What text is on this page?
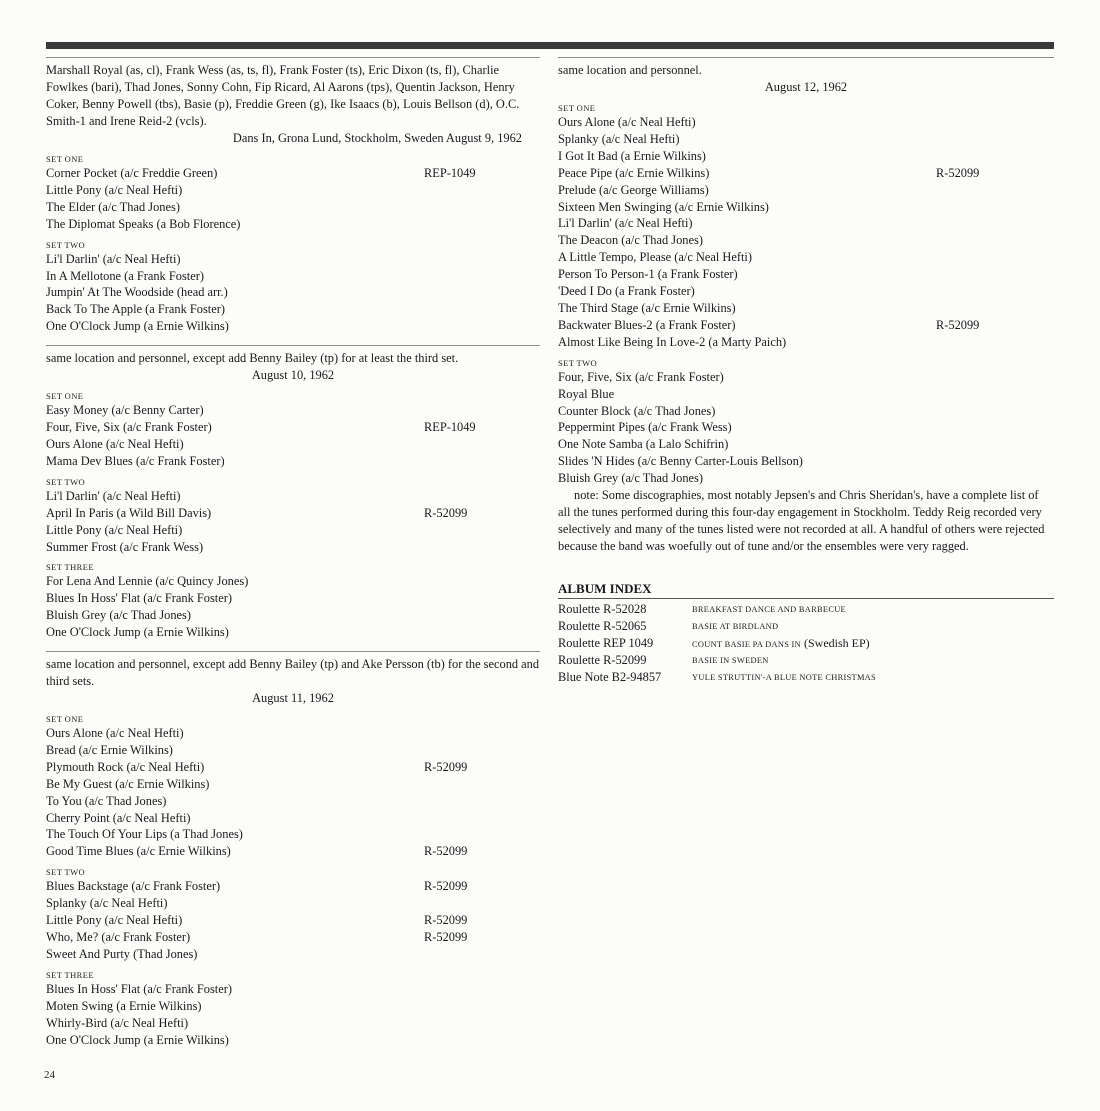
Marshall Royal (as, cl), Frank Wess (as, ts, fl), Frank Foster (ts), Eric Dixon (ts, fl), Charlie Fowlkes (bari), Thad Jones, Sonny Cohn, Fip Ricard, Al Aarons (tps), Quentin Jackson, Henry Coker, Benny Powell (tbs), Basie (p), Freddie Green (g), Ike Isaacs (b), Louis Bellson (d), O.C. Smith-1 and Irene Reid-2 (vcls).

Dans In, Grona Lund, Stockholm, Sweden August 9, 1962

SET ONE
Corner Pocket (a/c Freddie Green)	REP-1049
Little Pony (a/c Neal Hefti)
The Elder (a/c Thad Jones)
The Diplomat Speaks (a Bob Florence)
SET TWO
Li'l Darlin' (a/c Neal Hefti)
In A Mellotone (a Frank Foster)
Jumpin' At The Woodside (head arr.)
Back To The Apple (a Frank Foster)
One O'Clock Jump (a Ernie Wilkins)

same location and personnel, except add Benny Bailey (tp) for at least the third set.

August 10, 1962

SET ONE
Easy Money (a/c Benny Carter)
Four, Five, Six (a/c Frank Foster)	REP-1049
Ours Alone (a/c Neal Hefti)
Mama Dev Blues (a/c Frank Foster)
SET TWO
Li'l Darlin' (a/c Neal Hefti)
April In Paris (a Wild Bill Davis)	R-52099
Little Pony (a/c Neal Hefti)
Summer Frost (a/c Frank Wess)
SET THREE
For Lena And Lennie (a/c Quincy Jones)
Blues In Hoss' Flat (a/c Frank Foster)
Bluish Grey (a/c Thad Jones)
One O'Clock Jump (a Ernie Wilkins)

same location and personnel, except add Benny Bailey (tp) and Ake Persson (tb) for the second and third sets.

August 11, 1962

SET ONE
Ours Alone (a/c Neal Hefti)
Bread (a/c Ernie Wilkins)
Plymouth Rock (a/c Neal Hefti)	R-52099
Be My Guest (a/c Ernie Wilkins)
To You (a/c Thad Jones)
Cherry Point (a/c Neal Hefti)
The Touch Of Your Lips (a Thad Jones)
Good Time Blues (a/c Ernie Wilkins)	R-52099
SET TWO
Blues Backstage (a/c Frank Foster)	R-52099
Splanky (a/c Neal Hefti)
Little Pony (a/c Neal Hefti)	R-52099
Who, Me? (a/c Frank Foster)	R-52099
Sweet And Purty (Thad Jones)
SET THREE
Blues In Hoss' Flat (a/c Frank Foster)
Moten Swing (a Ernie Wilkins)
Whirly-Bird (a/c Neal Hefti)
One O'Clock Jump (a Ernie Wilkins)

same location and personnel.

August 12, 1962

SET ONE
Ours Alone (a/c Neal Hefti)
Splanky (a/c Neal Hefti)
I Got It Bad (a Ernie Wilkins)
Peace Pipe (a/c Ernie Wilkins)	R-52099
Prelude (a/c George Williams)
Sixteen Men Swinging (a/c Ernie Wilkins)
Li'l Darlin' (a/c Neal Hefti)
The Deacon (a/c Thad Jones)
A Little Tempo, Please (a/c Neal Hefti)
Person To Person-1 (a Frank Foster)
'Deed I Do (a Frank Foster)
The Third Stage (a/c Ernie Wilkins)
Backwater Blues-2 (a Frank Foster)	R-52099
Almost Like Being In Love-2 (a Marty Paich)
SET TWO
Four, Five, Six (a/c Frank Foster)
Royal Blue
Counter Block (a/c Thad Jones)
Peppermint Pipes (a/c Frank Wess)
One Note Samba (a Lalo Schifrin)
Slides 'N Hides (a/c Benny Carter-Louis Bellson)
Bluish Grey (a/c Thad Jones)

note: Some discographies, most notably Jepsen's and Chris Sheridan's, have a complete list of all the tunes performed during this four-day engagement in Stockholm. Teddy Reig recorded very selectively and many of the tunes listed were not recorded at all. A handful of others were rejected because the band was woefully out of tune and/or the ensembles were very ragged.

ALBUM INDEX
Roulette R-52028	BREAKFAST DANCE AND BARBECUE
Roulette R-52065	BASIE AT BIRDLAND
Roulette REP 1049	COUNT BASIE PA DANS IN (Swedish EP)
Roulette R-52099	BASIE IN SWEDEN
Blue Note B2-94857	YULE STRUTTIN'-A BLUE NOTE CHRISTMAS
24
